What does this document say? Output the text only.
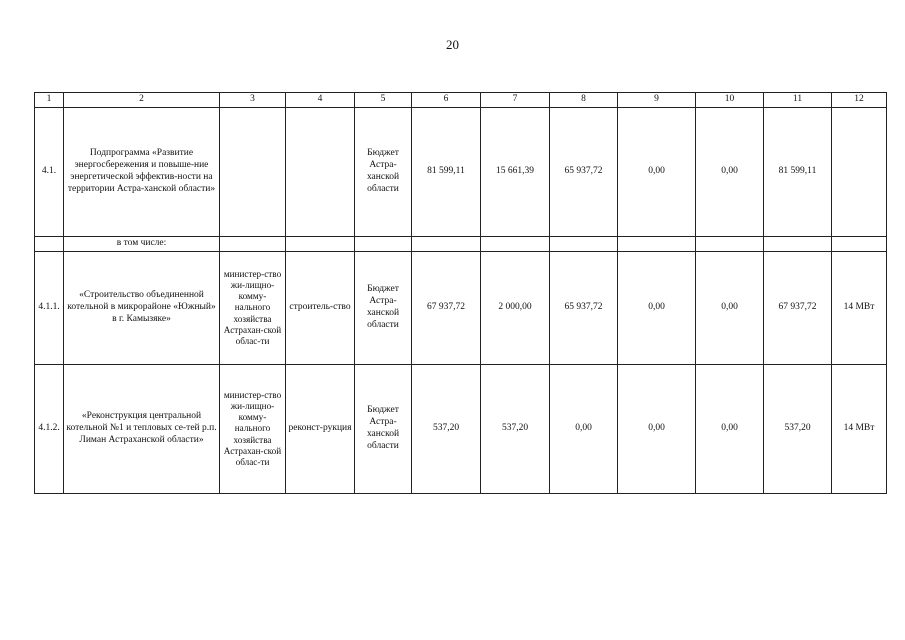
20
1	2	3	4	5	6	7	8	9	10	11	12
4.1.	Подпрограмма «Развитие энергосбережения и повыше-ние энергетической эффектив-ности на территории Астра-ханской области»			Бюджет Астра-ханской области	81 599,11	15 661,39	65 937,72	0,00	0,00	81 599,11	
	в том числе:										
4.1.1.	«Строительство объединенной котельной в микрорайоне «Южный» в г. Камызяке»	министер-ство жи-лищно-комму-нального хозяйства Астрахан-ской облас-ти	строитель-ство	Бюджет Астра-ханской области	67 937,72	2 000,00	65 937,72	0,00	0,00	67 937,72	14 МВт
4.1.2.	«Реконструкция центральной котельной №1 и тепловых се-тей р.п. Лиман Астраханской области»	министер-ство жи-лищно-комму-нального хозяйства Астрахан-ской облас-ти	реконст-рукция	Бюджет Астра-ханской области	537,20	537,20	0,00	0,00	0,00	537,20	14 МВт
